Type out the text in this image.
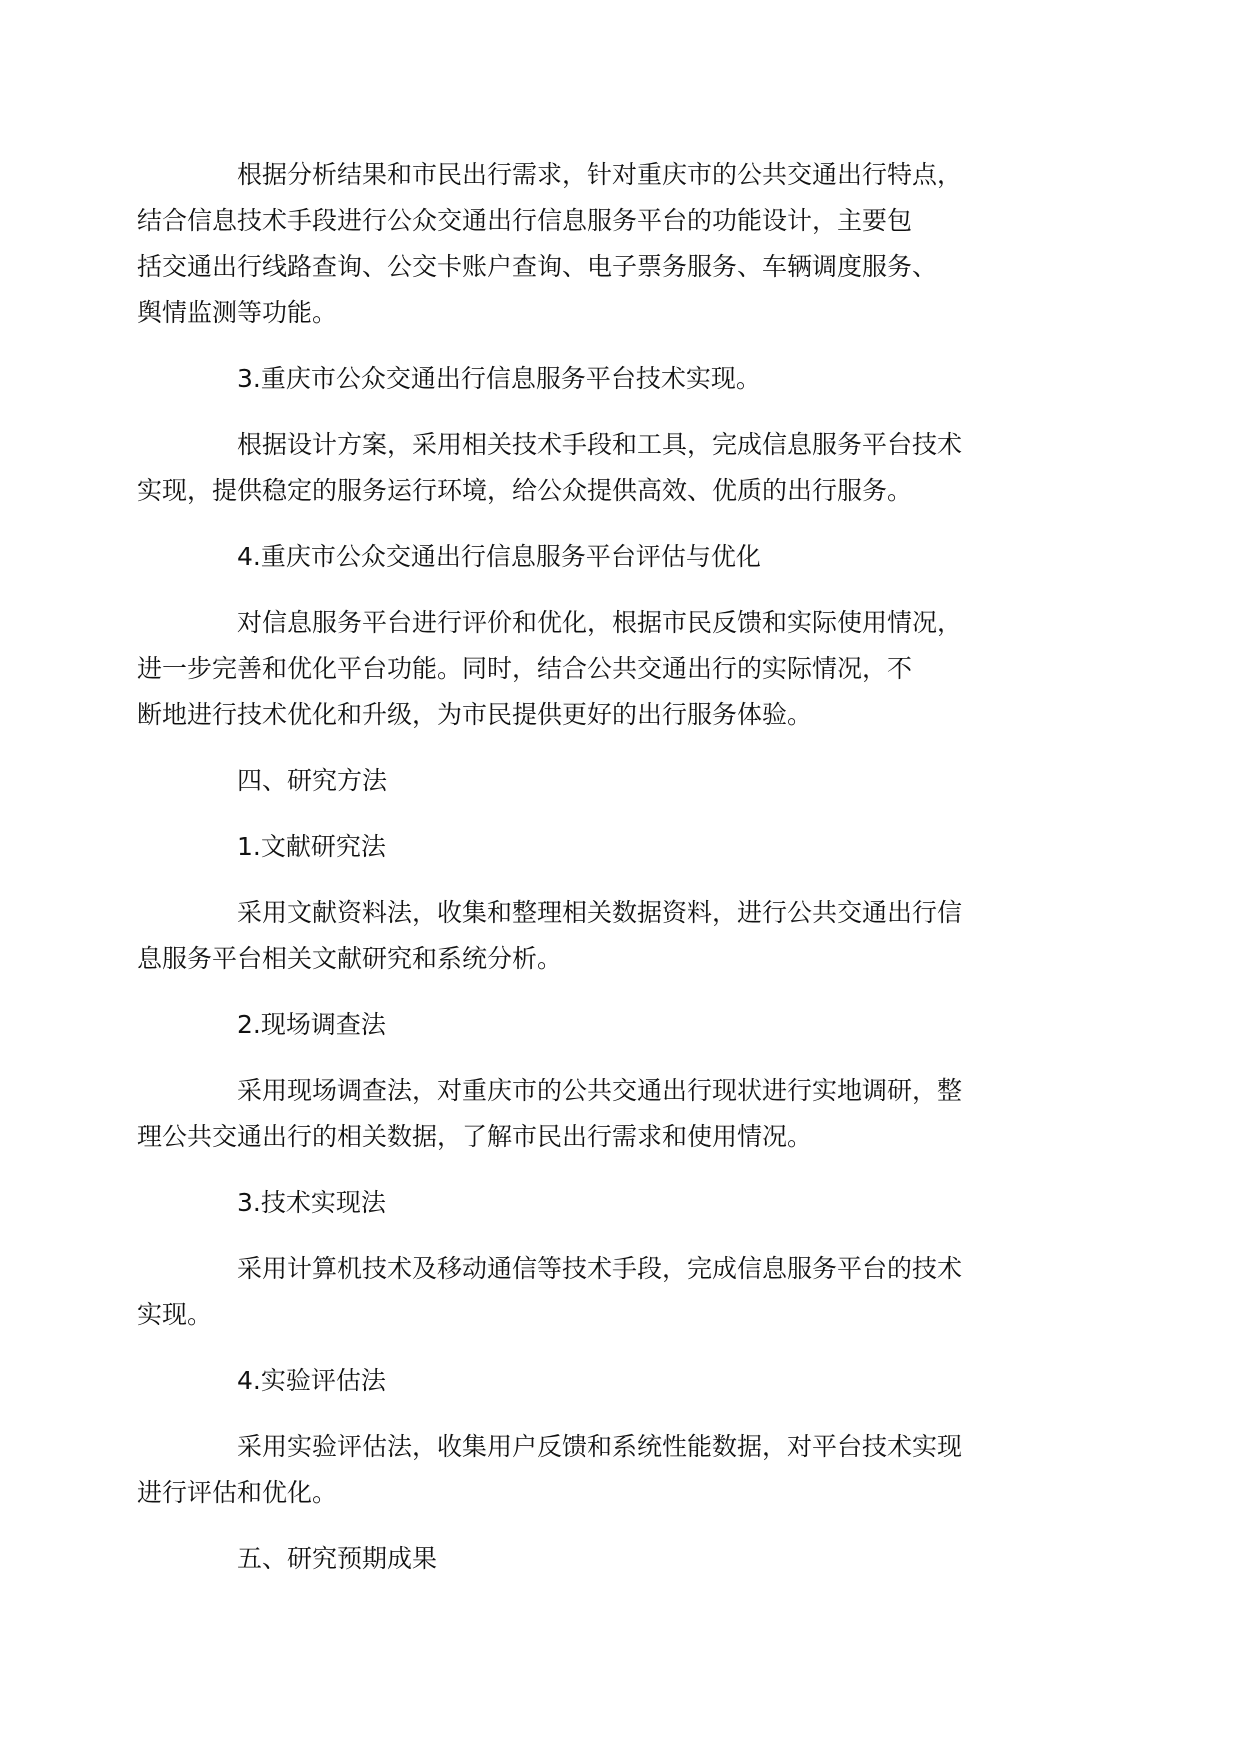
根据分析结果和市民出行需求，针对重庆市的公共交通出行特点，
结合信息技术手段进行公众交通出行信息服务平台的功能设计，主要包
括交通出行线路查询、公交卡账户查询、电子票务服务、车辆调度服务、
舆情监测等功能。

3.重庆市公众交通出行信息服务平台技术实现。

根据设计方案，采用相关技术手段和工具，完成信息服务平台技术
实现，提供稳定的服务运行环境，给公众提供高效、优质的出行服务。

4.重庆市公众交通出行信息服务平台评估与优化

对信息服务平台进行评价和优化，根据市民反馈和实际使用情况，
进一步完善和优化平台功能。同时，结合公共交通出行的实际情况，不
断地进行技术优化和升级，为市民提供更好的出行服务体验。

四、研究方法
1.文献研究法

采用文献资料法，收集和整理相关数据资料，进行公共交通出行信
息服务平台相关文献研究和系统分析。

2.现场调查法

采用现场调查法，对重庆市的公共交通出行现状进行实地调研，整
理公共交通出行的相关数据，了解市民出行需求和使用情况。

3.技术实现法

采用计算机技术及移动通信等技术手段，完成信息服务平台的技术
实现。

4.实验评估法

采用实验评估法，收集用户反馈和系统性能数据，对平台技术实现
进行评估和优化。

五、研究预期成果
